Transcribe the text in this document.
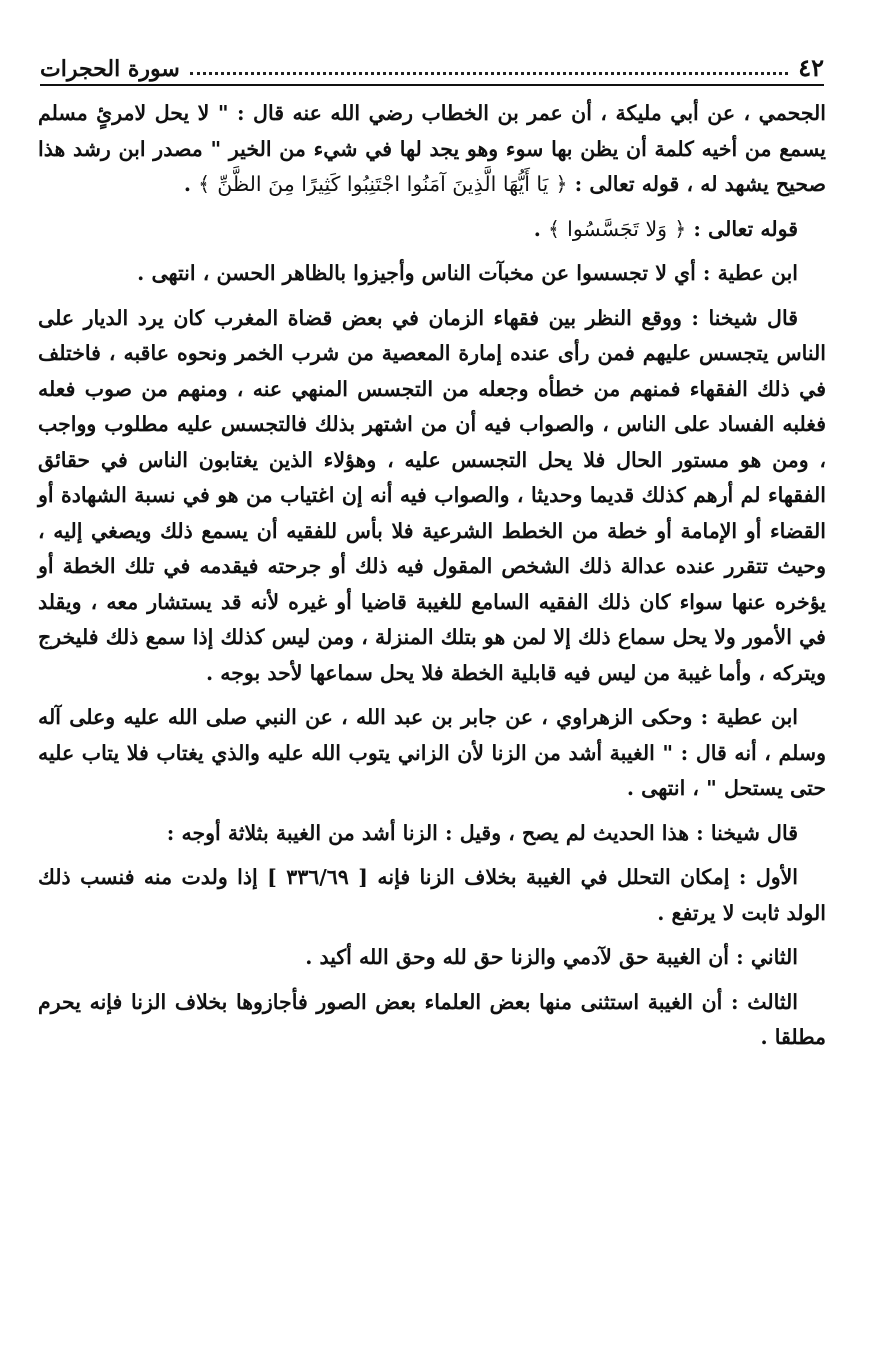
٤٢
سورة الحجرات

الجحمي ، عن أبي مليكة ، أن عمر بن الخطاب رضي الله عنه قال : " لا يحل لامرئٍ مسلم يسمع من أخيه كلمة أن يظن بها سوء وهو يجد لها في شيء من الخير " مصدر ابن رشد هذا صحيح يشهد له ، قوله تعالى : ﴿ يَا أَيُّهَا الَّذِينَ آمَنُوا اجْتَنِبُوا كَثِيرًا مِنَ الظَّنِّ ﴾ .

قوله تعالى : ﴿ وَلا تَجَسَّسُوا ﴾ .

ابن عطية : أي لا تجسسوا عن مخبآت الناس وأجيزوا بالظاهر الحسن ، انتهى .

قال شيخنا : ووقع النظر بين فقهاء الزمان في بعض قضاة المغرب كان يرد الديار على الناس يتجسس عليهم فمن رأى عنده إمارة المعصية من شرب الخمر ونحوه عاقبه ، فاختلف في ذلك الفقهاء فمنهم من خطأه وجعله من التجسس المنهي عنه ، ومنهم من صوب فعله فغلبه الفساد على الناس ، والصواب فيه أن من اشتهر بذلك فالتجسس عليه مطلوب وواجب ، ومن هو مستور الحال فلا يحل التجسس عليه ، وهؤلاء الذين يغتابون الناس في حقائق الفقهاء لم أرهم كذلك قديما وحديثا ، والصواب فيه أنه إن اغتياب من هو في نسبة الشهادة أو القضاء أو الإمامة أو خطة من الخطط الشرعية فلا بأس للفقيه أن يسمع ذلك ويصغي إليه ، وحيث تتقرر عنده عدالة ذلك الشخص المقول فيه ذلك أو جرحته فيقدمه في تلك الخطة أو يؤخره عنها سواء كان ذلك الفقيه السامع للغيبة قاضيا أو غيره لأنه قد يستشار معه ، ويقلد في الأمور ولا يحل سماع ذلك إلا لمن هو بتلك المنزلة ، ومن ليس كذلك إذا سمع ذلك فليخرج ويتركه ، وأما غيبة من ليس فيه قابلية الخطة فلا يحل سماعها لأحد بوجه .

ابن عطية : وحكى الزهراوي ، عن جابر بن عبد الله ، عن النبي صلى الله عليه وعلى آله وسلم ، أنه قال : " الغيبة أشد من الزنا لأن الزاني يتوب الله عليه والذي يغتاب فلا يتاب عليه حتى يستحل " ، انتهى .

قال شيخنا : هذا الحديث لم يصح ، وقيل : الزنا أشد من الغيبة بثلاثة أوجه :

الأول : إمكان التحلل في الغيبة بخلاف الزنا فإنه [ ٣٣٦/٦٩ ] إذا ولدت منه فنسب ذلك الولد ثابت لا يرتفع .

الثاني : أن الغيبة حق لآدمي والزنا حق لله وحق الله أكيد .

الثالث : أن الغيبة استثنى منها بعض العلماء بعض الصور فأجازوها بخلاف الزنا فإنه يحرم مطلقا .
